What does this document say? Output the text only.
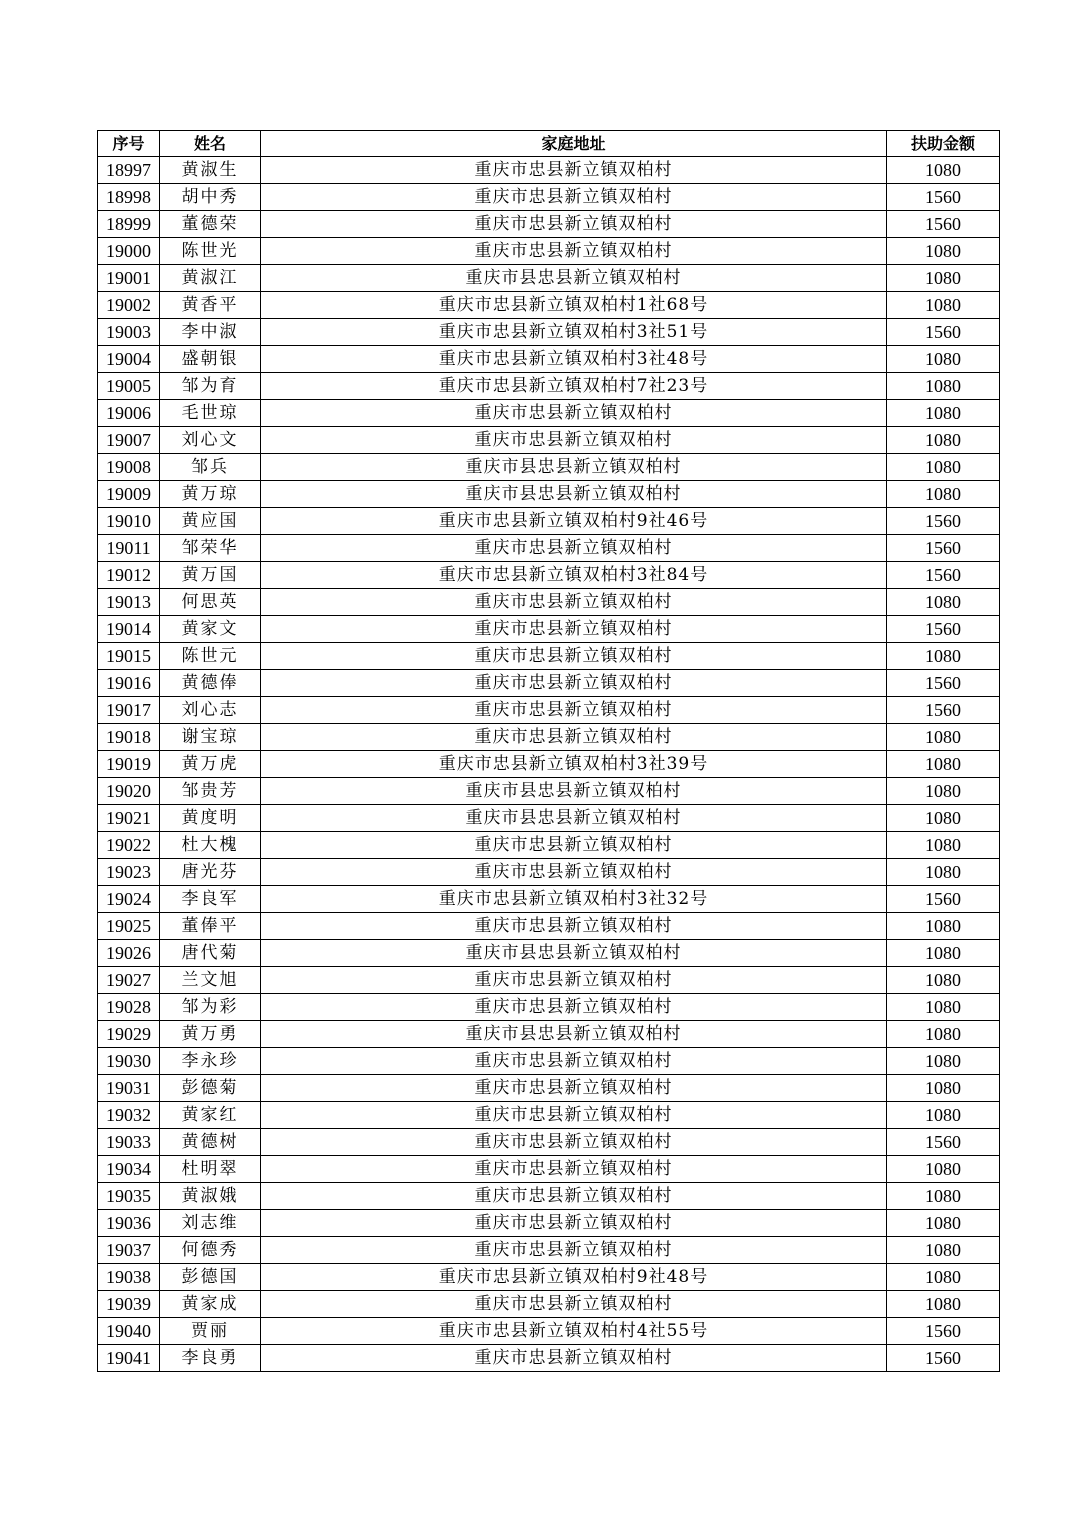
序号	姓名	家庭地址	扶助金额
18997	黄淑生	重庆市忠县新立镇双柏村	1080
18998	胡中秀	重庆市忠县新立镇双柏村	1560
18999	董德荣	重庆市忠县新立镇双柏村	1560
19000	陈世光	重庆市忠县新立镇双柏村	1080
19001	黄淑江	重庆市县忠县新立镇双柏村	1080
19002	黄香平	重庆市忠县新立镇双柏村1社68号	1080
19003	李中淑	重庆市忠县新立镇双柏村3社51号	1560
19004	盛朝银	重庆市忠县新立镇双柏村3社48号	1080
19005	邹为育	重庆市忠县新立镇双柏村7社23号	1080
19006	毛世琼	重庆市忠县新立镇双柏村	1080
19007	刘心文	重庆市忠县新立镇双柏村	1080
19008	邹兵	重庆市县忠县新立镇双柏村	1080
19009	黄万琼	重庆市县忠县新立镇双柏村	1080
19010	黄应国	重庆市忠县新立镇双柏村9社46号	1560
19011	邹荣华	重庆市忠县新立镇双柏村	1560
19012	黄万国	重庆市忠县新立镇双柏村3社84号	1560
19013	何思英	重庆市忠县新立镇双柏村	1080
19014	黄家文	重庆市忠县新立镇双柏村	1560
19015	陈世元	重庆市忠县新立镇双柏村	1080
19016	黄德俸	重庆市忠县新立镇双柏村	1560
19017	刘心志	重庆市忠县新立镇双柏村	1560
19018	谢宝琼	重庆市忠县新立镇双柏村	1080
19019	黄万虎	重庆市忠县新立镇双柏村3社39号	1080
19020	邹贵芳	重庆市县忠县新立镇双柏村	1080
19021	黄度明	重庆市县忠县新立镇双柏村	1080
19022	杜大槐	重庆市忠县新立镇双柏村	1080
19023	唐光芬	重庆市忠县新立镇双柏村	1080
19024	李良军	重庆市忠县新立镇双柏村3社32号	1560
19025	董俸平	重庆市忠县新立镇双柏村	1080
19026	唐代菊	重庆市县忠县新立镇双柏村	1080
19027	兰文旭	重庆市忠县新立镇双柏村	1080
19028	邹为彩	重庆市忠县新立镇双柏村	1080
19029	黄万勇	重庆市县忠县新立镇双柏村	1080
19030	李永珍	重庆市忠县新立镇双柏村	1080
19031	彭德菊	重庆市忠县新立镇双柏村	1080
19032	黄家红	重庆市忠县新立镇双柏村	1080
19033	黄德树	重庆市忠县新立镇双柏村	1560
19034	杜明翠	重庆市忠县新立镇双柏村	1080
19035	黄淑娥	重庆市忠县新立镇双柏村	1080
19036	刘志维	重庆市忠县新立镇双柏村	1080
19037	何德秀	重庆市忠县新立镇双柏村	1080
19038	彭德国	重庆市忠县新立镇双柏村9社48号	1080
19039	黄家成	重庆市忠县新立镇双柏村	1080
19040	贾丽	重庆市忠县新立镇双柏村4社55号	1560
19041	李良勇	重庆市忠县新立镇双柏村	1560
